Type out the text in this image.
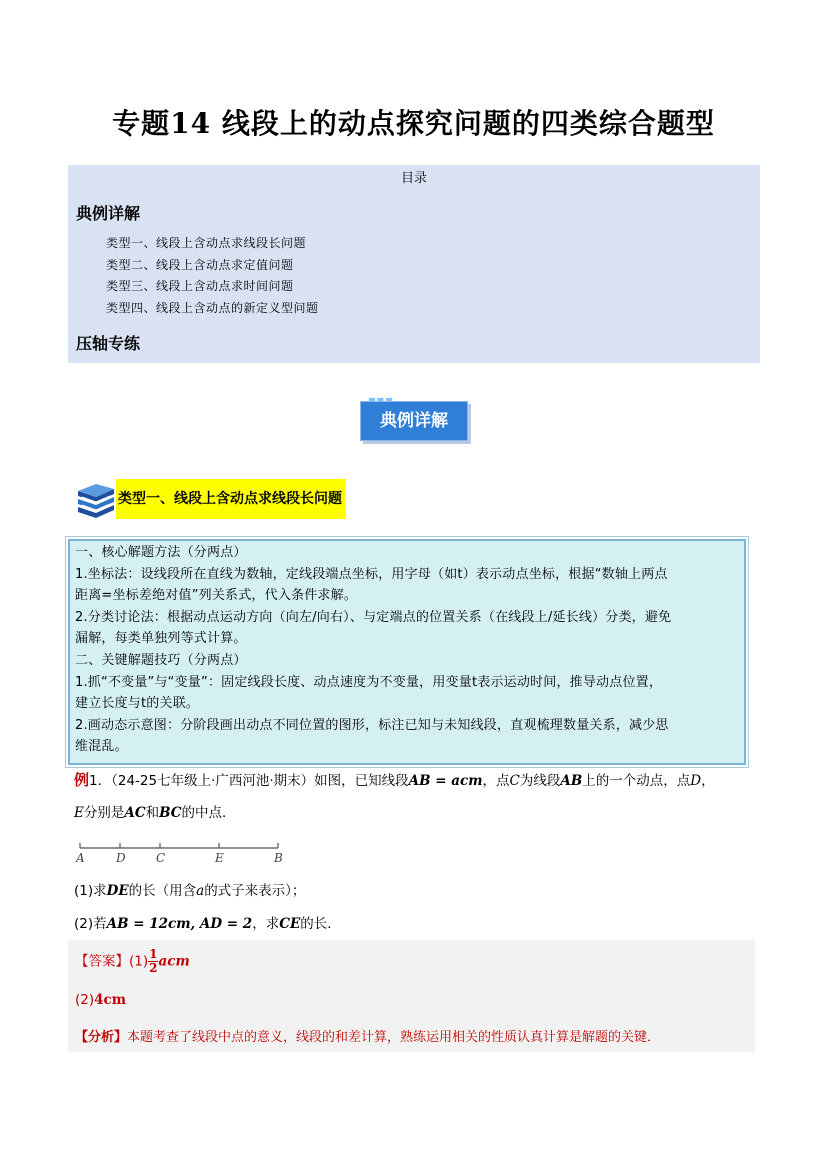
专题14 线段上的动点探究问题的四类综合题型
目录
典例详解
类型一、线段上含动点求线段长问题
类型二、线段上含动点求定值问题
类型三、线段上含动点求时间问题
类型四、线段上含动点的新定义型问题
压轴专练
典例详解
类型一、线段上含动点求线段长问题

一、核心解题方法（分两点）

1.坐标法：设线段所在直线为数轴，定线段端点坐标，用字母（如t）表示动点坐标，根据“数轴上两点

距离=坐标差绝对值”列关系式，代入条件求解。

2.分类讨论法：根据动点运动方向（向左/向右）、与定端点的位置关系（在线段上/延长线）分类，避免

漏解，每类单独列等式计算。

二、关键解题技巧（分两点）

1.抓“不变量”与“变量”：固定线段长度、动点速度为不变量，用变量t表示运动时间，推导动点位置，

建立长度与t的关联。

2.画动态示意图：分阶段画出动点不同位置的图形，标注已知与未知线段，直观梳理数量关系，减少思

维混乱。

例1．（24-25七年级上·广西河池·期末）如图，已知线段AB = acm，点C为线段AB上的一个动点，点D，
E分别是AC和BC的中点．
A	D	C	E	B
(1)求DE的长（用含a的式子来表示）；
(2)若AB = 12cm, AD = 2，求CE的长．
【答案】$(1) \frac{1}{2}$ acm
(2)4cm
【分析】本题考查了线段中点的意义，线段的和差计算，熟练运用相关的性质认真计算是解题的关键．
